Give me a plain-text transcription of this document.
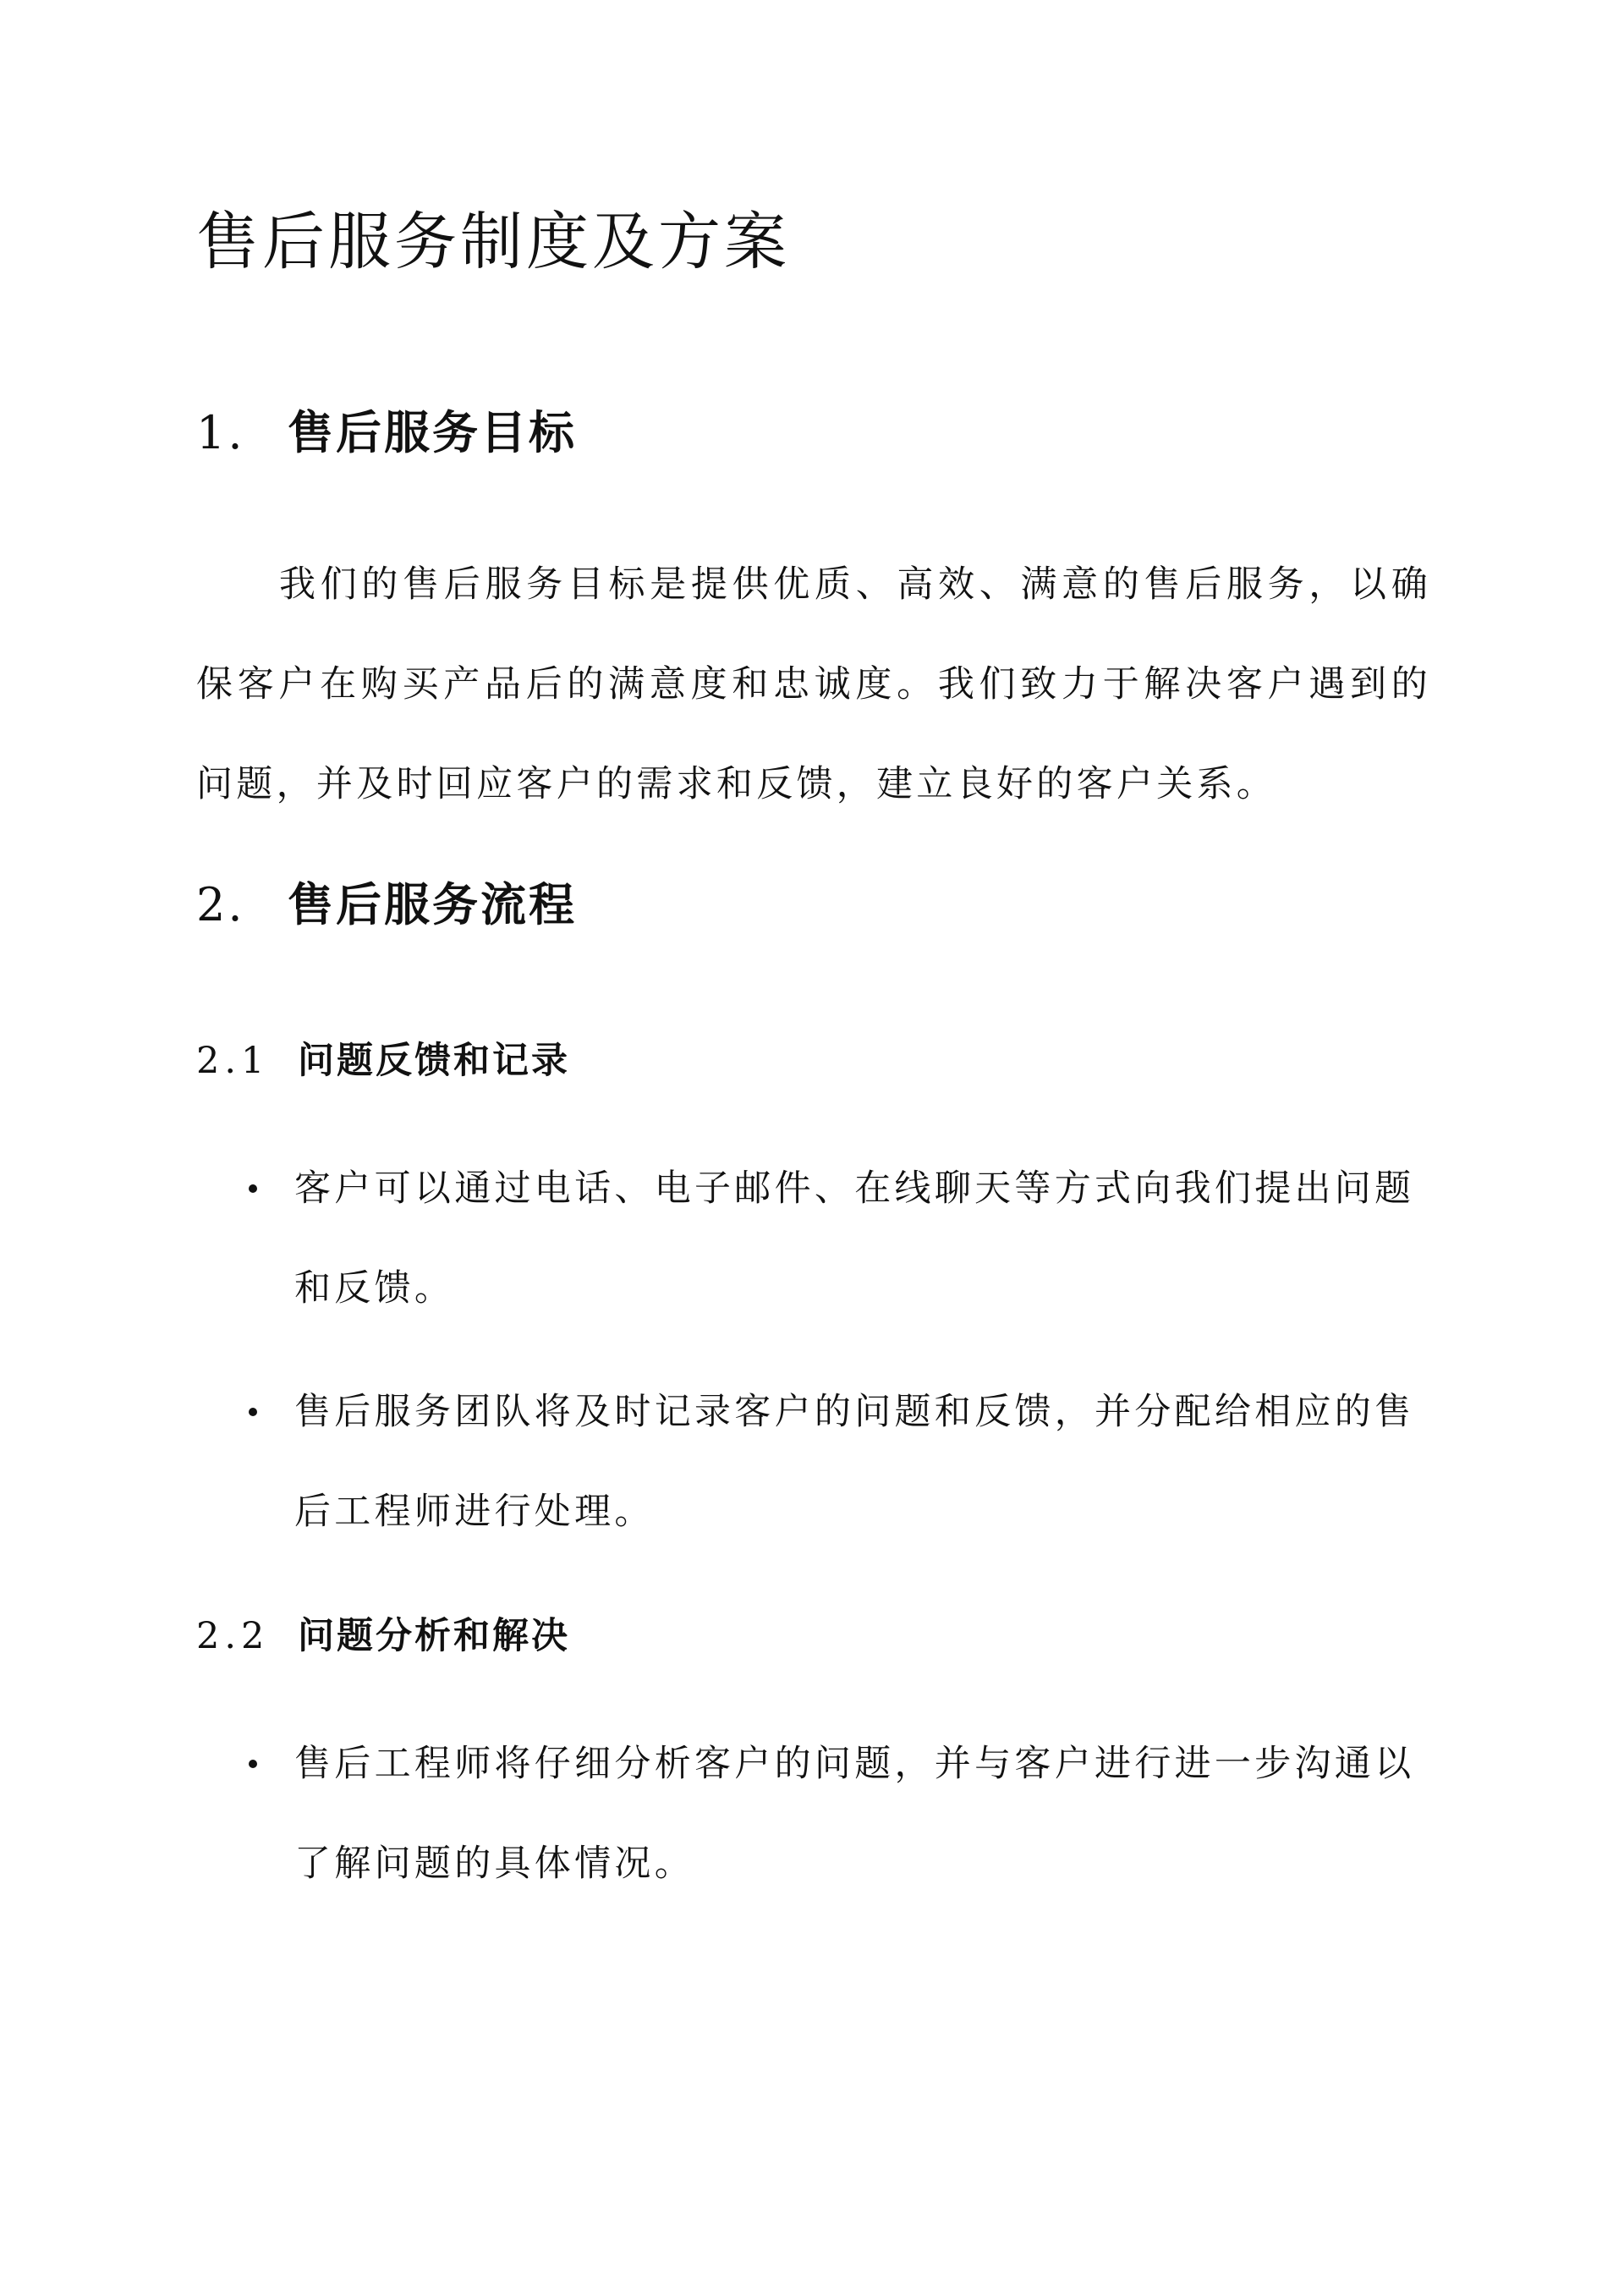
售后服务制度及方案
1. 售后服务目标
我们的售后服务目标是提供优质、高效、满意的售后服务，以确保客户在购买产品后的满意度和忠诚度。我们致力于解决客户遇到的问题，并及时回应客户的需求和反馈，建立良好的客户关系。
2. 售后服务流程
2.1 问题反馈和记录
客户可以通过电话、电子邮件、在线聊天等方式向我们提出问题和反馈。
售后服务团队将及时记录客户的问题和反馈，并分配给相应的售后工程师进行处理。
2.2 问题分析和解决
售后工程师将仔细分析客户的问题，并与客户进行进一步沟通以了解问题的具体情况。
